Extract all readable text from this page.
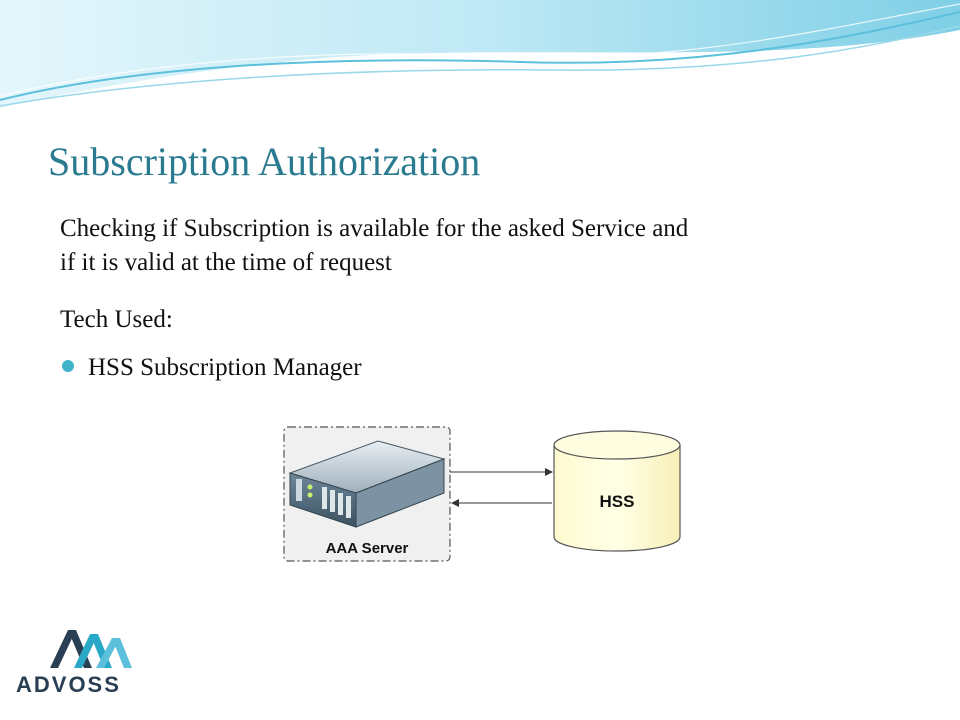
Subscription Authorization
Checking if Subscription is available for the asked Service and
if it is valid at the time of request
Tech Used:
HSS Subscription Manager
AAA Server
HSS
ADVOSS
